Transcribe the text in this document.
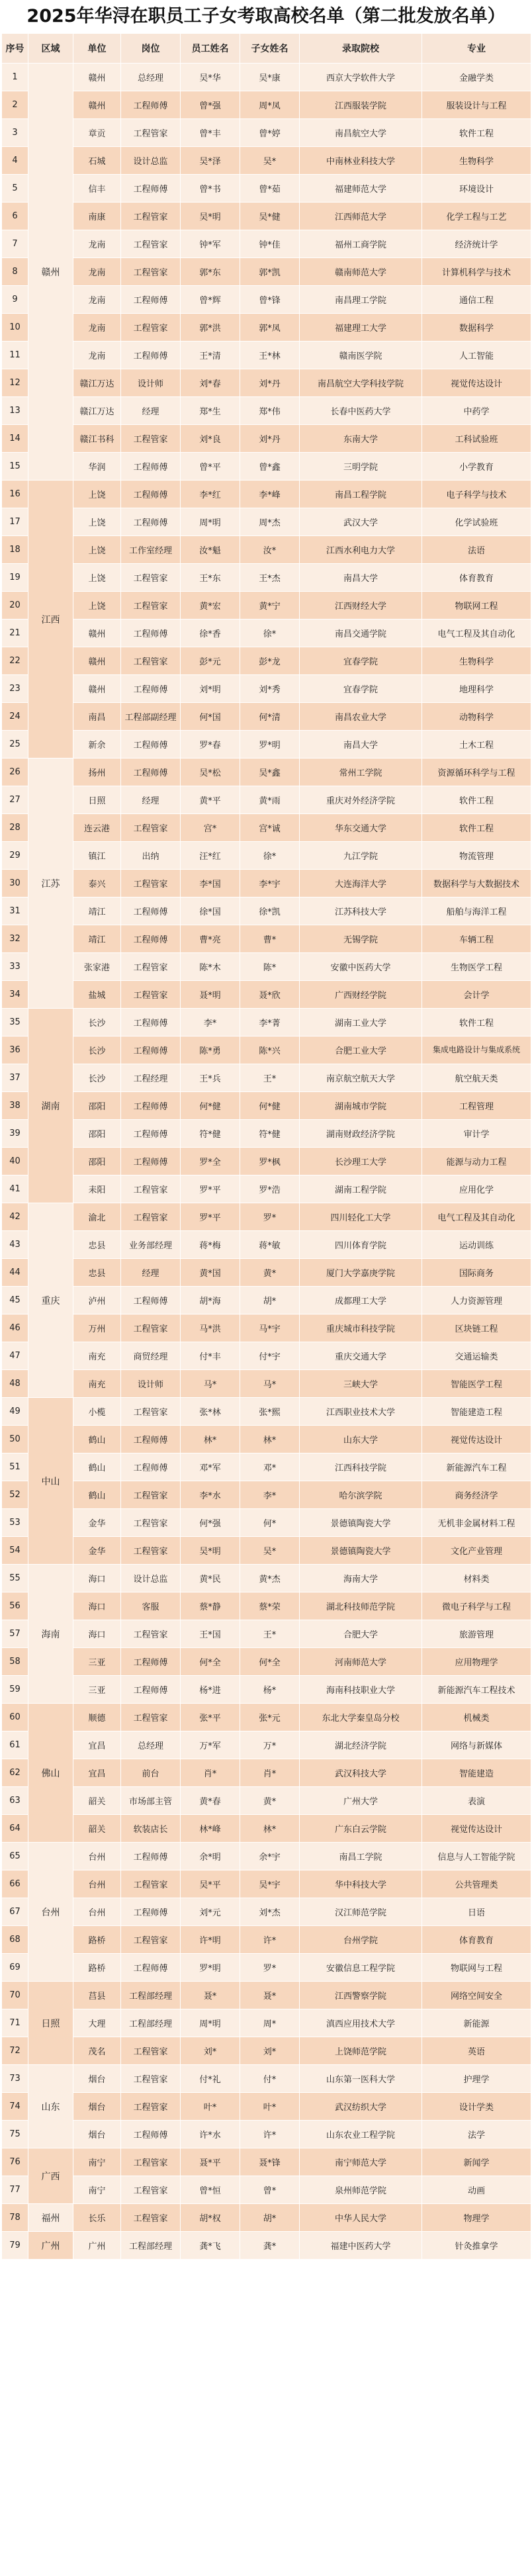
2025年华浔在职员工子女考取高校名单（第二批发放名单）
序号	区域	单位	岗位	员工姓名	子女姓名	录取院校	专业
1	赣州	赣州	总经理	吴*华	吴*康	西京大学软件大学	金融学类
2		赣州	工程师傅	曾*强	周*凤	江西服装学院	服装设计与工程
3		章贡	工程管家	曾*丰	曾*婷	南昌航空大学	软件工程
4		石城	设计总监	吴*泽	吴*	中南林业科技大学	生物科学
5		信丰	工程师傅	曾*书	曾*茹	福建师范大学	环境设计
6		南康	工程管家	吴*明	吴*健	江西师范大学	化学工程与工艺
7		龙南	工程管家	钟*军	钟*佳	福州工商学院	经济统计学
8		龙南	工程管家	郭*东	郭*凯	赣南师范大学	计算机科学与技术
9		龙南	工程师傅	曾*辉	曾*锋	南昌理工学院	通信工程
10		龙南	工程管家	郭*洪	郭*凤	福建理工大学	数据科学
11		龙南	工程师傅	王*清	王*林	赣南医学院	人工智能
12		赣江万达	设计师	刘*春	刘*丹	南昌航空大学科技学院	视觉传达设计
13		赣江万达	经理	郑*生	郑*伟	长春中医药大学	中药学
14		赣江书科	工程管家	刘*良	刘*丹	东南大学	工科试验班
15		华润	工程师傅	曾*平	曾*鑫	三明学院	小学教育
16	江西	上饶	工程师傅	李*红	李*峰	南昌工程学院	电子科学与技术
17		上饶	工程师傅	周*明	周*杰	武汉大学	化学试验班
18		上饶	工作室经理	汝*魁	汝*	江西水利电力大学	法语
19		上饶	工程管家	王*东	王*杰	南昌大学	体育教育
20		上饶	工程管家	黄*宏	黄*宁	江西财经大学	物联网工程
21		赣州	工程师傅	徐*香	徐*	南昌交通学院	电气工程及其自动化
22		赣州	工程管家	彭*元	彭*龙	宜春学院	生物科学
23		赣州	工程师傅	刘*明	刘*秀	宜春学院	地理科学
24		南昌	工程部副经理	何*国	何*清	南昌农业大学	动物科学
25		新余	工程师傅	罗*春	罗*明	南昌大学	土木工程
26	江苏	扬州	工程师傅	吴*松	吴*鑫	常州工学院	资源循环科学与工程
27		日照	经理	黄*平	黄*雨	重庆对外经济学院	软件工程
28		连云港	工程管家	宫*	宫*诚	华东交通大学	软件工程
29		镇江	出纳	汪*红	徐*	九江学院	物流管理
30		泰兴	工程管家	李*国	李*宇	大连海洋大学	数据科学与大数据技术
31		靖江	工程师傅	徐*国	徐*凯	江苏科技大学	船舶与海洋工程
32		靖江	工程师傅	曹*亮	曹*	无锡学院	车辆工程
33		张家港	工程管家	陈*木	陈*	安徽中医药大学	生物医学工程
34		盐城	工程管家	聂*明	聂*欣	广西财经学院	会计学
35	湖南	长沙	工程师傅	李*	李*菁	湖南工业大学	软件工程
36		长沙	工程师傅	陈*勇	陈*兴	合肥工业大学	集成电路设计与集成系统
37		长沙	工程经理	王*兵	王*	南京航空航天大学	航空航天类
38		邵阳	工程师傅	何*健	何*健	湖南城市学院	工程管理
39		邵阳	工程师傅	符*健	符*健	湖南财政经济学院	审计学
40		邵阳	工程师傅	罗*全	罗*枫	长沙理工大学	能源与动力工程
41		耒阳	工程管家	罗*平	罗*浩	湖南工程学院	应用化学
42	重庆	渝北	工程管家	罗*平	罗*	四川轻化工大学	电气工程及其自动化
43		忠县	业务部经理	蒋*梅	蒋*敏	四川体育学院	运动训练
44		忠县	经理	黄*国	黄*	厦门大学嘉庚学院	国际商务
45		泸州	工程师傅	胡*海	胡*	成都理工大学	人力资源管理
46		万州	工程管家	马*洪	马*宇	重庆城市科技学院	区块链工程
47		南充	商贸经理	付*丰	付*宇	重庆交通大学	交通运输类
48		南充	设计师	马*	马*	三峡大学	智能医学工程
49	中山	小榄	工程管家	张*林	张*熙	江西职业技术大学	智能建造工程
50		鹤山	工程师傅	林*	林*	山东大学	视觉传达设计
51		鹤山	工程师傅	邓*军	邓*	江西科技学院	新能源汽车工程
52		鹤山	工程管家	李*水	李*	哈尔滨学院	商务经济学
53		金华	工程管家	何*强	何*	景德镇陶瓷大学	无机非金属材料工程
54		金华	工程管家	吴*明	吴*	景德镇陶瓷大学	文化产业管理
55	海南	海口	设计总监	黄*民	黄*杰	海南大学	材料类
56		海口	客服	蔡*静	蔡*荣	湖北科技师范学院	微电子科学与工程
57		海口	工程管家	王*国	王*	合肥大学	旅游管理
58		三亚	工程师傅	何*全	何*全	河南师范大学	应用物理学
59		三亚	工程师傅	杨*进	杨*	海南科技职业大学	新能源汽车工程技术
60	佛山	顺德	工程管家	张*平	张*元	东北大学秦皇岛分校	机械类
61		宜昌	总经理	万*军	万*	湖北经济学院	网络与新媒体
62		宜昌	前台	肖*	肖*	武汉科技大学	智能建造
63		韶关	市场部主管	黄*春	黄*	广州大学	表演
64		韶关	软装店长	林*峰	林*	广东白云学院	视觉传达设计
65	台州	台州	工程师傅	余*明	余*宇	南昌工学院	信息与人工智能学院
66		台州	工程管家	吴*平	吴*宇	华中科技大学	公共管理类
67		台州	工程师傅	刘*元	刘*杰	汉江师范学院	日语
68		路桥	工程管家	许*明	许*	台州学院	体育教育
69		路桥	工程师傅	罗*明	罗*	安徽信息工程学院	物联网与工程
70	日照	莒县	工程部经理	聂*	聂*	江西警察学院	网络空间安全
71		大理	工程部经理	周*明	周*	滇西应用技术大学	新能源
72		茂名	工程管家	刘*	刘*	上饶师范学院	英语
73	山东	烟台	工程管家	付*礼	付*	山东第一医科大学	护理学
74		烟台	工程管家	叶*	叶*	武汉纺织大学	设计学类
75		烟台	工程师傅	许*水	许*	山东农业工程学院	法学
76	广西	南宁	工程管家	聂*平	聂*锋	南宁师范大学	新闻学
77		南宁	工程管家	曾*恒	曾*	泉州师范学院	动画
78	福州	长乐	工程管家	胡*权	胡*	中华人民大学	物理学
79	广州	广州	工程部经理	龚*飞	龚*	福建中医药大学	针灸推拿学
